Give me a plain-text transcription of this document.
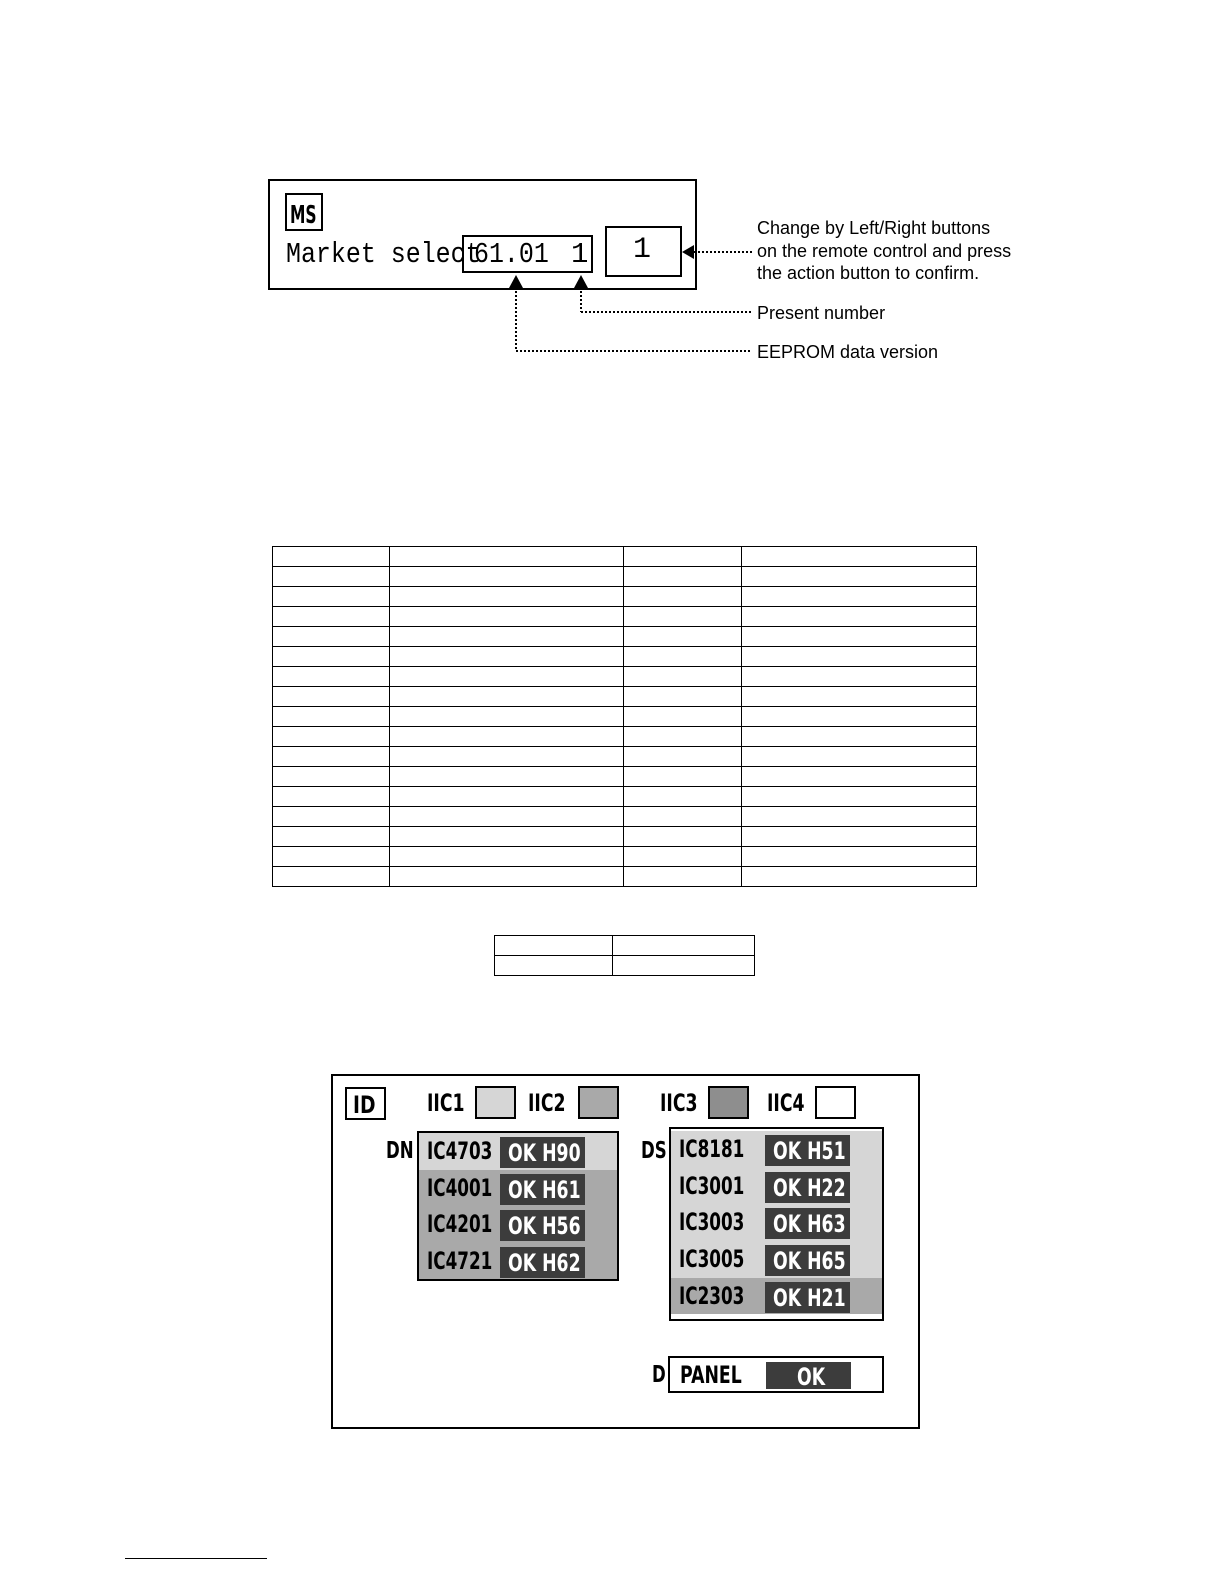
MS
Market select
61.01 1 1
Change by Left/Right buttons
on the remote control and press
the action button to confirm.
Present number
EEPROM data version

ID IIC1	IIC2	IIC3	IIC4
DN IC4703 OK H90
IC4001 OK H61
IC4201 OK H56
IC4721 OK H62
DS IC8181 OK H51
IC3001 OK H22
IC3003 OK H63
IC3005 OK H65
IC2303 OK H21
D PANEL OK
